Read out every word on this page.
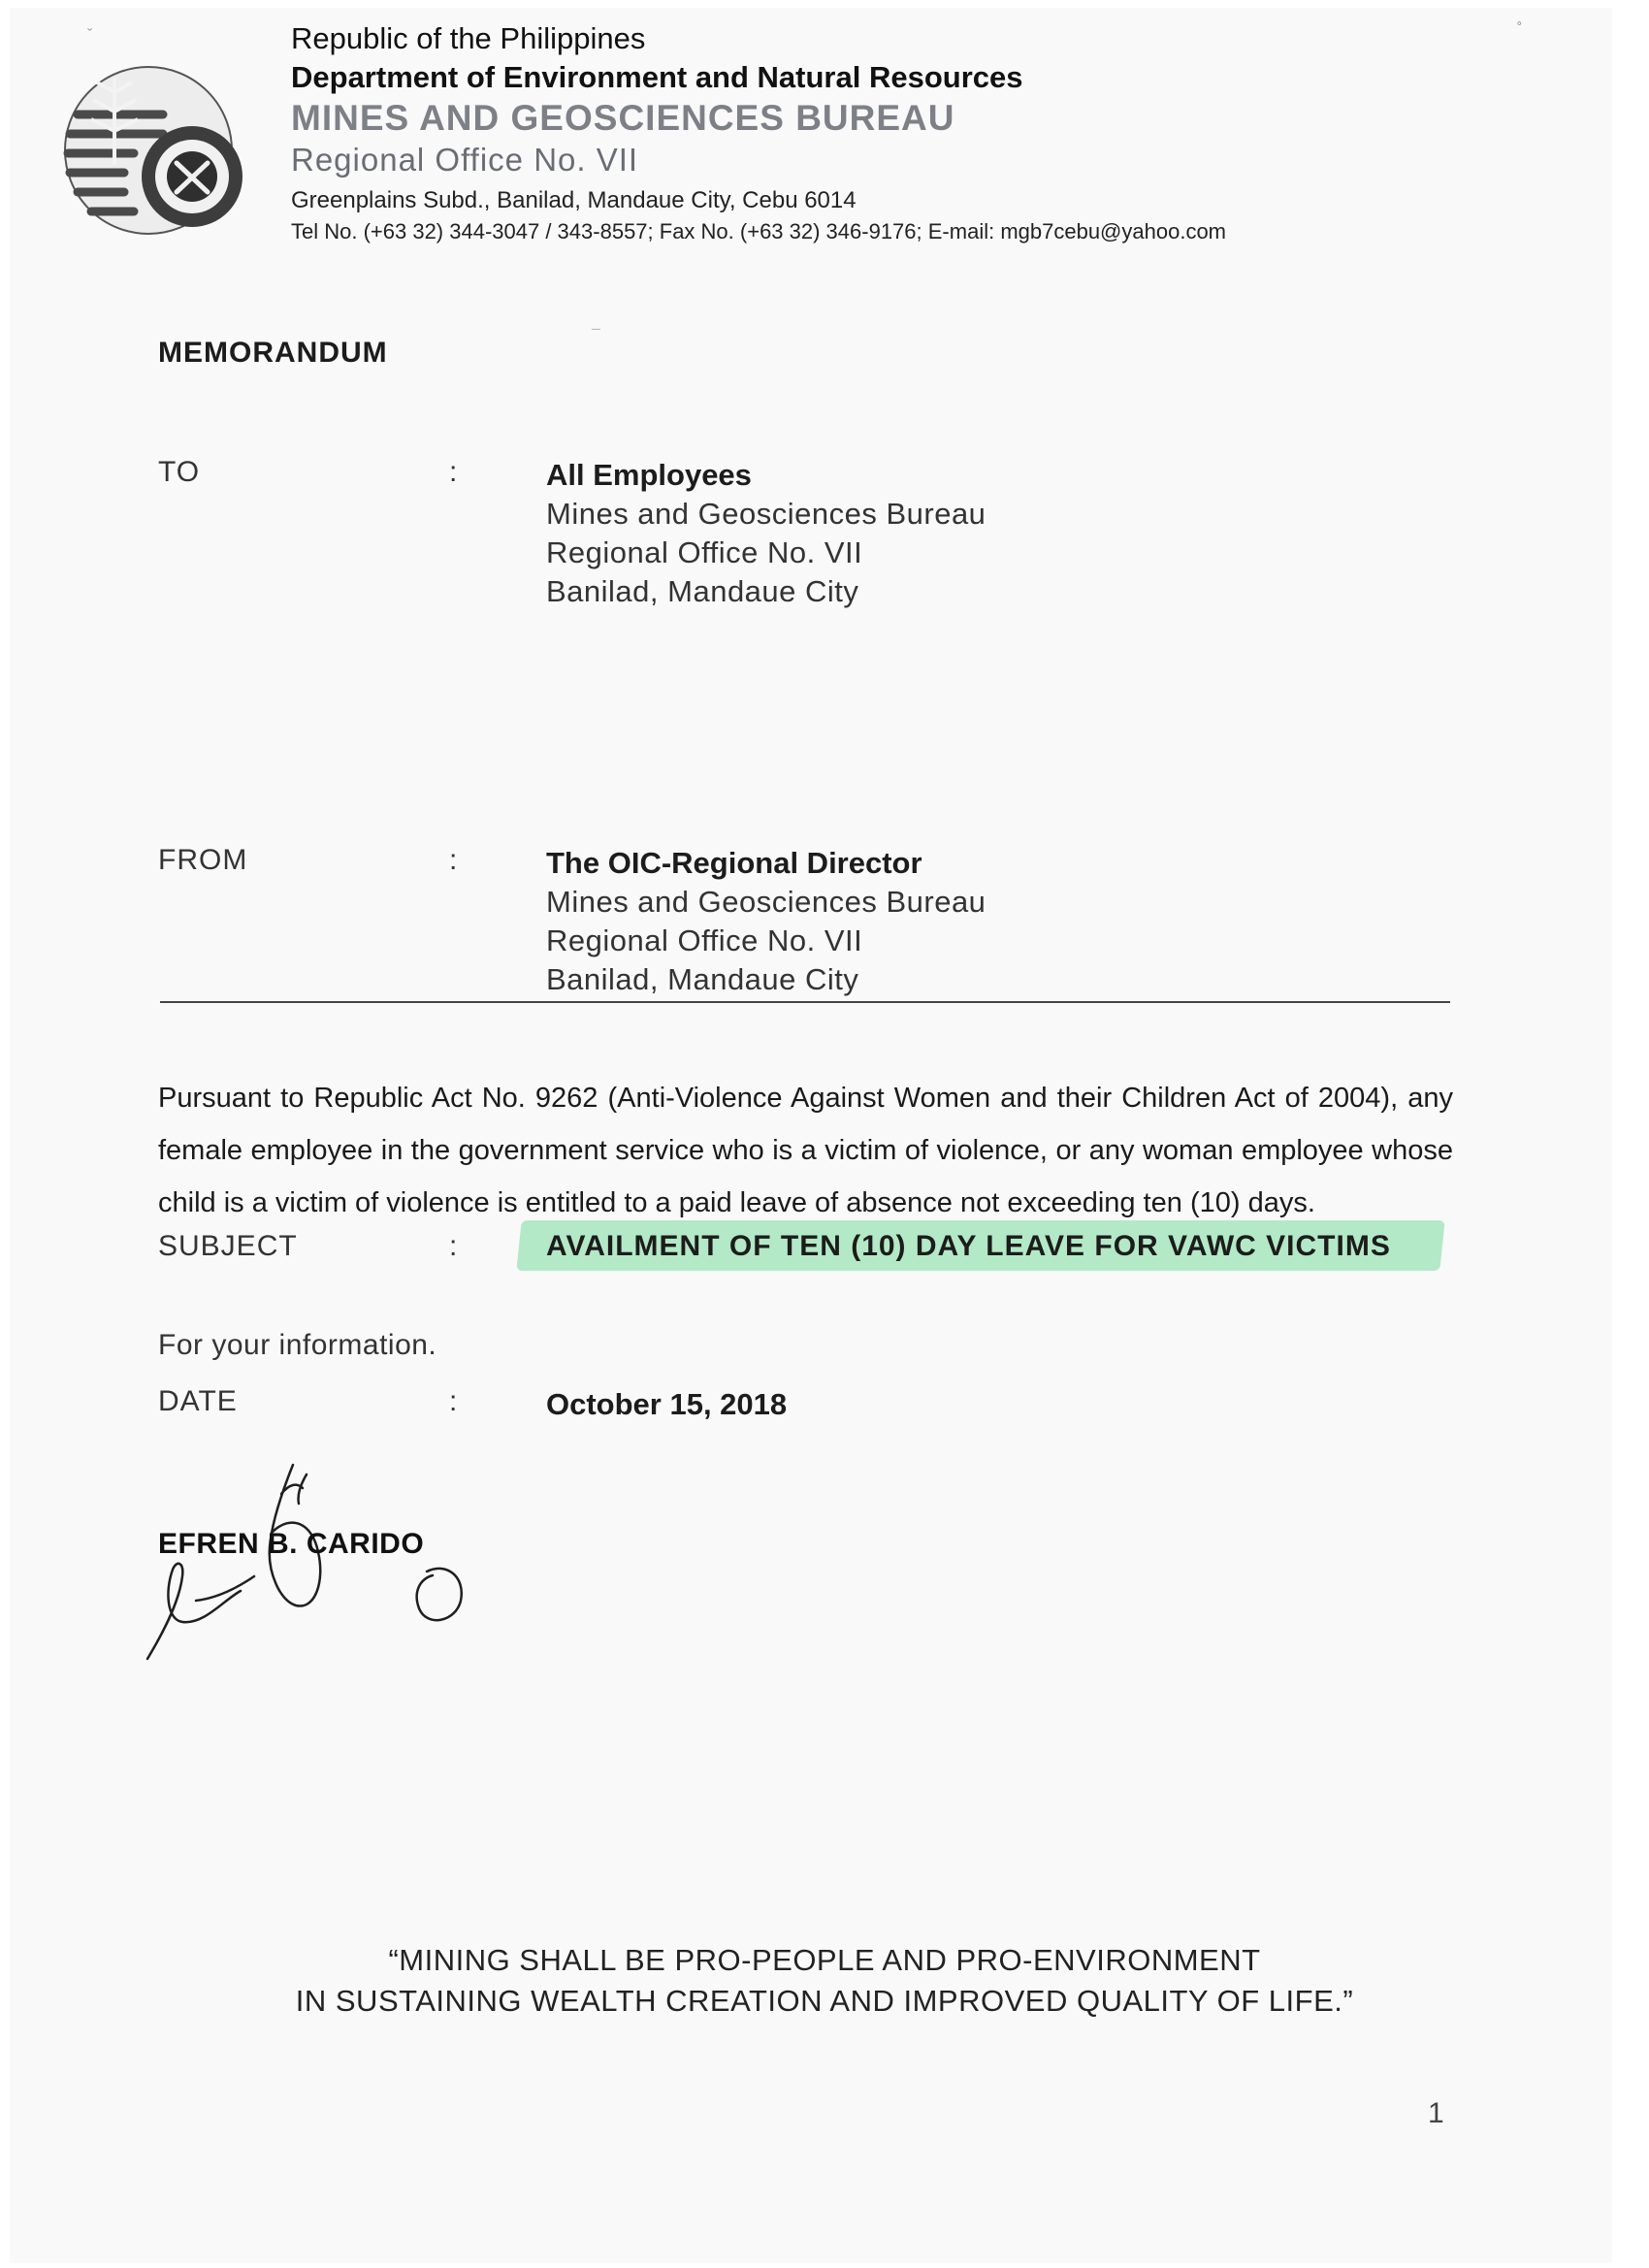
Republic of the Philippines
Department of Environment and Natural Resources
MINES AND GEOSCIENCES BUREAU
Regional Office No. VII
Greenplains Subd., Banilad, Mandaue City, Cebu 6014
Tel No. (+63 32) 344-3047 / 343-8557; Fax No. (+63 32) 346-9176; E-mail: mgb7cebu@yahoo.com
ˇ	˚
¯
MEMORANDUM
TO	:	All Employees
Mines and Geosciences Bureau
Regional Office No. VII
Banilad, Mandaue City
FROM	:	The OIC-Regional Director
Mines and Geosciences Bureau
Regional Office No. VII
Banilad, Mandaue City
SUBJECT	:	AVAILMENT OF TEN (10) DAY LEAVE FOR VAWC VICTIMS
DATE	:	October 15, 2018
Pursuant to Republic Act No. 9262 (Anti-Violence Against Women and their Children Act of 2004), any female employee in the government service who is a victim of violence, or any woman employee whose child is a victim of violence is entitled to a paid leave of absence not exceeding ten (10) days.
For your information.
EFREN B. CARIDO
“MINING SHALL BE PRO-PEOPLE AND PRO-ENVIRONMENT
IN SUSTAINING WEALTH CREATION AND IMPROVED QUALITY OF LIFE.”
1
